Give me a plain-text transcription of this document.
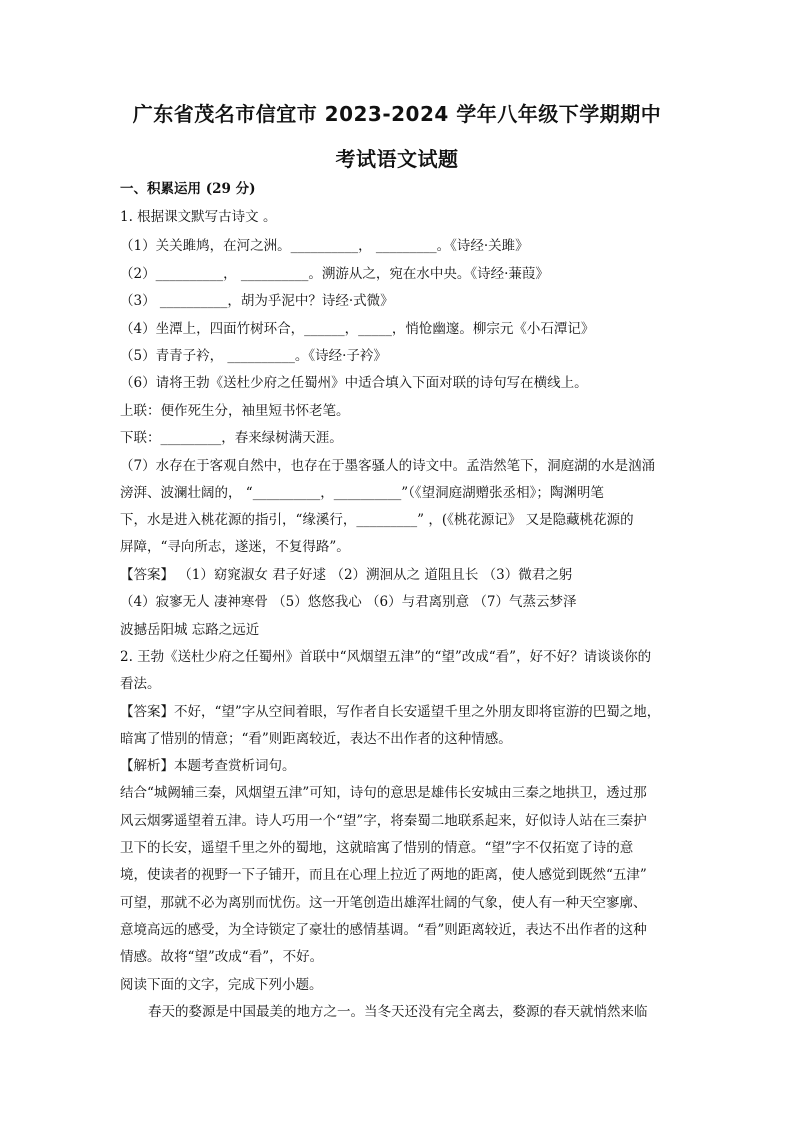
广东省茂名市信宜市 2023-2024 学年八年级下学期期中
考试语文试题
一、积累运用 (29 分)
1. 根据课文默写古诗文 。
（1）关关雎鸠，在河之洲。__________， _________。《诗经·关雎》
（2）__________， __________。溯游从之，宛在水中央。《诗经·蒹葭》
（3） __________，胡为乎泥中？诗经·式微》
（4）坐潭上，四面竹树环合，______，_____，悄怆幽邃。柳宗元《小石潭记》
（5）青青子衿， __________。《诗经·子衿》
（6）请将王勃《送杜少府之任蜀州》中适合填入下面对联的诗句写在横线上。
上联：便作死生分，袖里短书怀老笔。
下联：_________，春来绿树满天涯。
（7）水存在于客观自然中，也存在于墨客骚人的诗文中。孟浩然笔下，洞庭湖的水是汹涌
滂湃、波澜壮阔的， “__________，__________”（《望洞庭湖赠张丞相》；陶渊明笔
下，水是进入桃花源的指引，“缘溪行，_________” ，(《桃花源记》 又是隐藏桃花源的
屏障，“寻向所志，遂迷，不复得路”。
【答案】 （1）窈窕淑女 君子好逑 （2）溯洄从之 道阻且长 （3）微君之躬
（4）寂寥无人 凄神寒骨 （5）悠悠我心 （6）与君离别意 （7）气蒸云梦泽
波撼岳阳城 忘路之远近
2. 王勃《送杜少府之任蜀州》首联中“风烟望五津”的“望”改成“看”，好不好？请谈谈你的
看法。
【答案】不好，“望”字从空间着眼，写作者自长安遥望千里之外朋友即将宦游的巴蜀之地，
暗寓了惜别的情意；“看”则距离较近，表达不出作者的这种情感。
【解析】本题考查赏析词句。
结合“城阙辅三秦，风烟望五津”可知，诗句的意思是雄伟长安城由三秦之地拱卫，透过那
风云烟雾遥望着五津。诗人巧用一个“望”字，将秦蜀二地联系起来，好似诗人站在三秦护
卫下的长安，遥望千里之外的蜀地，这就暗寓了惜别的情意。“望”字不仅拓宽了诗的意
境，使读者的视野一下子铺开，而且在心理上拉近了两地的距离，使人感觉到既然“五津”
可望，那就不必为离别而忧伤。这一开笔创造出雄浑壮阔的气象，使人有一种天空寥廓、
意境高远的感受，为全诗锁定了豪壮的感情基调。“看”则距离较近，表达不出作者的这种
情感。故将“望”改成“看”，不好。
阅读下面的文字，完成下列小题。
春天的婺源是中国最美的地方之一。当冬天还没有完全离去，婺源的春天就悄然来临
